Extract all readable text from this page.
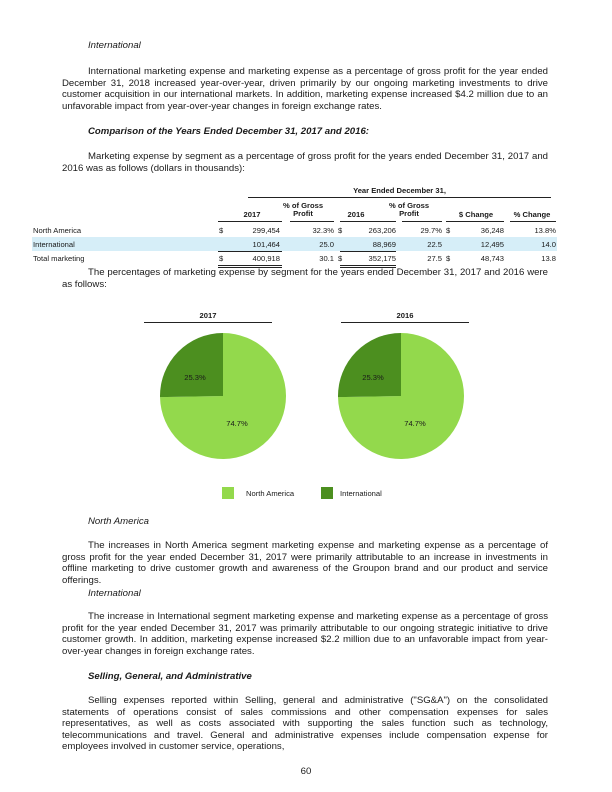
International
International marketing expense and marketing expense as a percentage of gross profit for the year ended December 31, 2018 increased year-over-year, driven primarily by our ongoing marketing investments to drive customer acquisition in our international markets. In addition, marketing expense increased $4.2 million due to an unfavorable impact from year-over-year changes in foreign exchange rates.
Comparison of the Years Ended December 31, 2017 and 2016:
Marketing expense by segment as a percentage of gross profit for the years ended December 31, 2017 and 2016 was as follows (dollars in thousands):
Year Ended December 31,
2017
% of Gross Profit	2016
% of Gross Profit	$ Change	% Change
North America	$	299,454	32.3% $	263,206	29.7% $	36,248	13.8%
International	101,464	25.0	88,969	22.5	12,495	14.0
Total marketing	$	400,918	30.1 $	352,175	27.5 $	48,743	13.8
The percentages of marketing expense by segment for the years ended December 31, 2017 and 2016 were as follows:
2017	2016
74.7%
25.3%
74.7%
25.3%
North America	International
North America
The increases in North America segment marketing expense and marketing expense as a percentage of gross profit for the year ended December 31, 2017 were primarily attributable to an increase in investments in offline marketing to drive customer growth and awareness of the Groupon brand and our product and service offerings.
International
The increase in International segment marketing expense and marketing expense as a percentage of gross profit for the year ended December 31, 2017 was primarily attributable to our ongoing strategic initiative to drive customer growth. In addition, marketing expense increased $2.2 million due to an unfavorable impact from year-over-year changes in foreign exchange rates.
Selling, General, and Administrative
Selling expenses reported within Selling, general and administrative ("SG&A") on the consolidated statements of operations consist of sales commissions and other compensation expenses for sales representatives, as well as costs associated with supporting the sales function such as technology, telecommunications and travel. General and administrative expenses include compensation expense for employees involved in customer service, operations,
60
